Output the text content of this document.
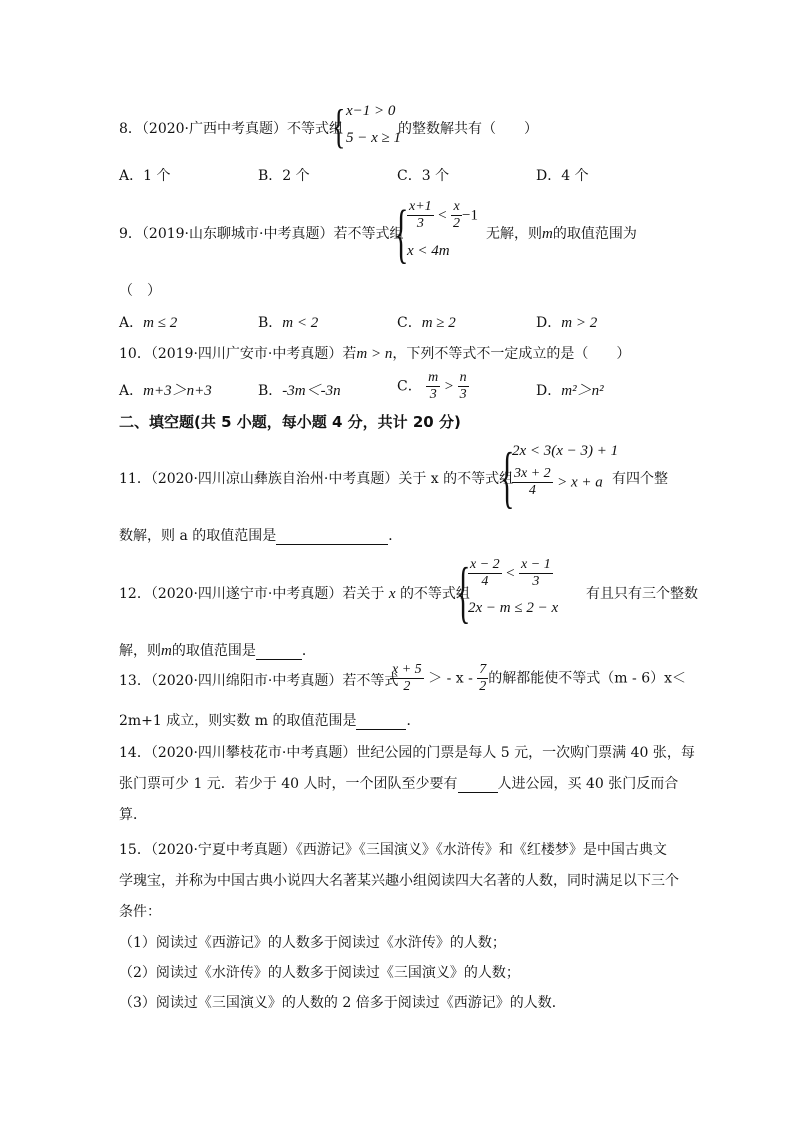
8．（2020·广西中考真题）不等式组
{ x−1 > 0
5 − x ≥ 1
的整数解共有（　　）
A．1 个	B．2 个	C．3 个	D．4 个
9．（2019·山东聊城市·中考真题）若不等式组
{
$\frac{x+1}{3} < \frac{x}{2} -1$
x < 4m
无解，则m的取值范围为
（　）
A．m ≤ 2	B．m < 2	C．m ≥ 2	D．m > 2
10．（2019·四川广安市·中考真题）若m > n，下列不等式不一定成立的是（　　）
A．m+3＞n+3	B．-3m＜-3n	C． $\frac{m}{3} > \frac{n}{3}$	D．m²＞n²
二、填空题(共 5 小题，每小题 4 分，共计 20 分)
11．（2020·四川凉山彝族自治州·中考真题）关于 x 的不等式组
{
2x < 3(x − 3) + 1
$\frac{3x + 2}{4} > x + a$ 有四个整
数解，则 a 的取值范围是	．
12．（2020·四川遂宁市·中考真题）若关于 x 的不等式组
{
$\frac{x - 2}{4} < \frac{x - 1}{3}$
2x − m ≤ 2 − x
有且只有三个整数
解，则m的取值范围是	．
13．（2020·四川绵阳市·中考真题）若不等式
$\frac{x + 5}{2}$ ＞ - x - $\frac{7}{2}$ 的解都能使不等式（m - 6）x＜
2m+1 成立，则实数 m 的取值范围是	．
14．（2020·四川攀枝花市·中考真题）世纪公园的门票是每人 5 元，一次购门票满 40 张，每
张门票可少 1 元．若少于 40 人时，一个团队至少要有	人进公园，买 40 张门反而合
算．
15．（2020·宁夏中考真题）《西游记》《三国演义》《水浒传》和《红楼梦》是中国古典文
学瑰宝，并称为中国古典小说四大名著某兴趣小组阅读四大名著的人数，同时满足以下三个
条件：
（1）阅读过《西游记》的人数多于阅读过《水浒传》的人数；
（2）阅读过《水浒传》的人数多于阅读过《三国演义》的人数；
（3）阅读过《三国演义》的人数的 2 倍多于阅读过《西游记》的人数．
